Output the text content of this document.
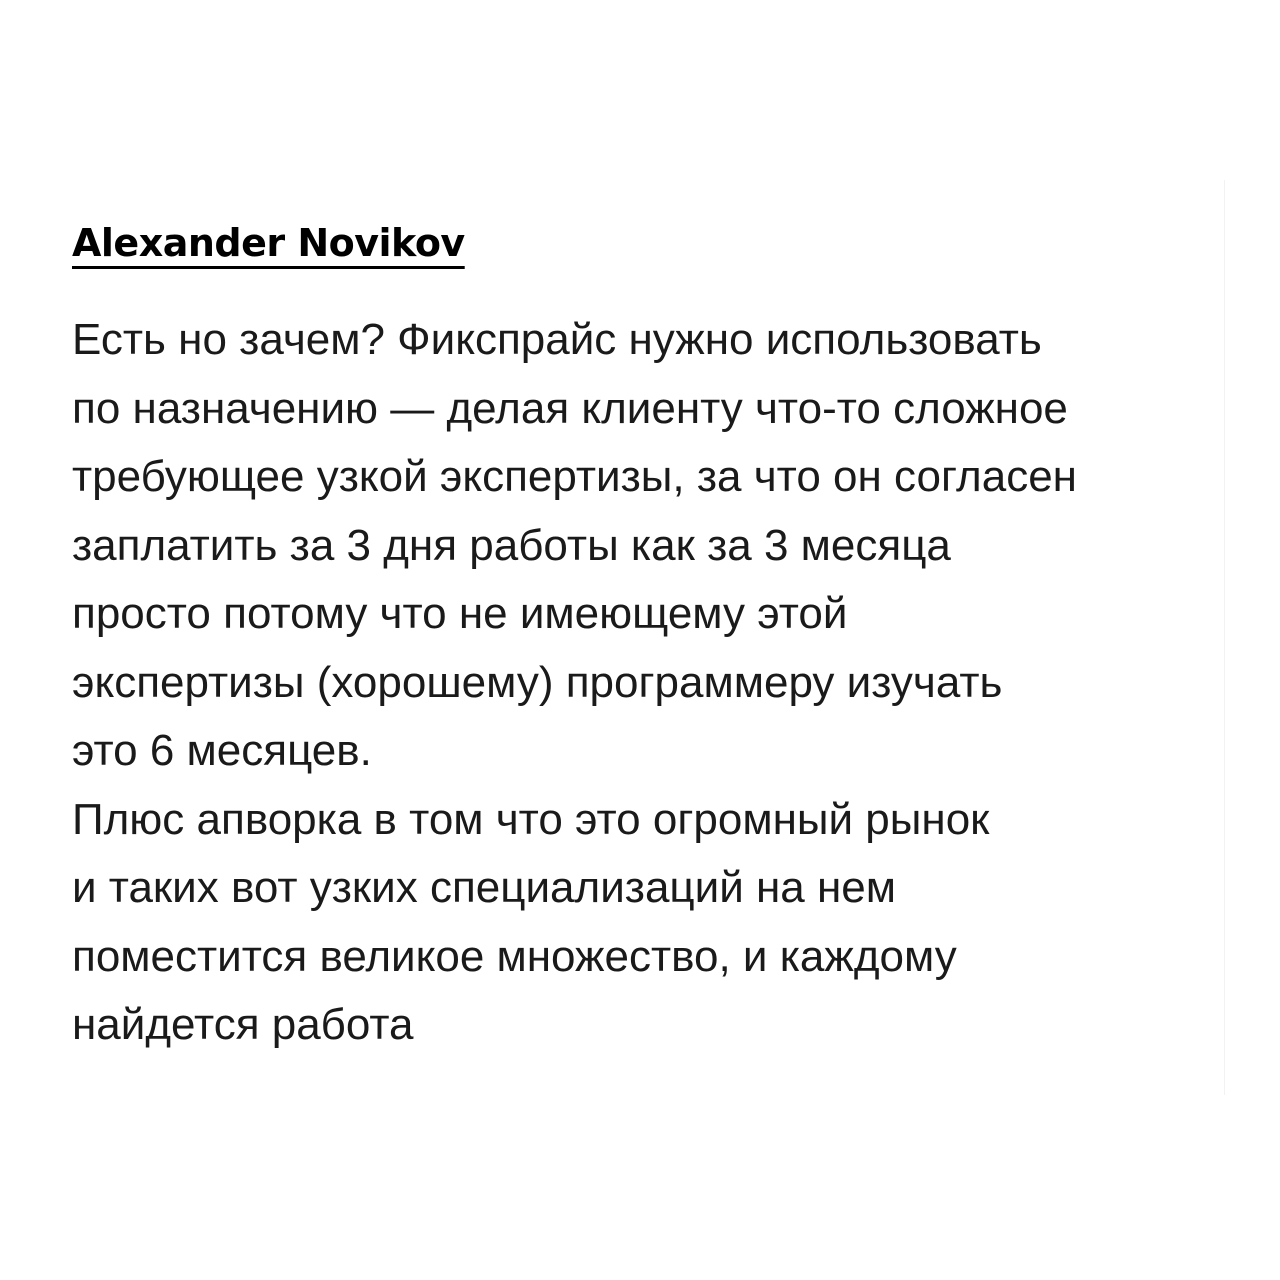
Alexander Novikov
Есть но зачем? Фикспрайс нужно использовать
по назначению — делая клиенту что-то сложное
требующее узкой экспертизы, за что он согласен
заплатить за 3 дня работы как за 3 месяца
просто потому что не имеющему этой
экспертизы (хорошему) программеру изучать
это 6 месяцев.
Плюс апворка в том что это огромный рынок
и таких вот узких специализаций на нем
поместится великое множество, и каждому
найдется работа
